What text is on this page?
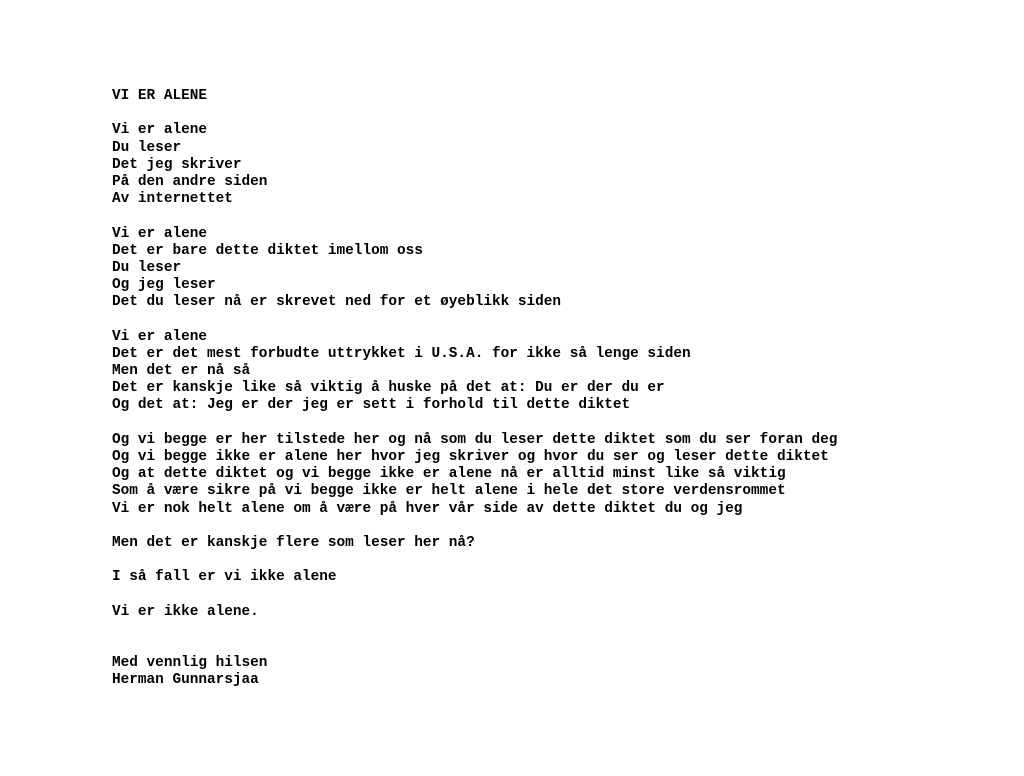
VI ER ALENE
Vi er alene
Du leser
Det jeg skriver
På den andre siden
Av internettet
Vi er alene
Det er bare dette diktet imellom oss
Du leser
Og jeg leser
Det du leser nå er skrevet ned for et øyeblikk siden
Vi er alene
Det er det mest forbudte uttrykket i U.S.A. for ikke så lenge siden
Men det er nå så
Det er kanskje like så viktig å huske på det at: Du er der du er
Og det at: Jeg er der jeg er sett i forhold til dette diktet
Og vi begge er her tilstede her og nå som du leser dette diktet som du ser foran deg
Og vi begge ikke er alene her hvor jeg skriver og hvor du ser og leser dette diktet
Og at dette diktet og vi begge ikke er alene nå er alltid minst like så viktig
Som å være sikre på vi begge ikke er helt alene i hele det store verdensrommet
Vi er nok helt alene om å være på hver vår side av dette diktet du og jeg
Men det er kanskje flere som leser her nå?
I så fall er vi ikke alene
Vi er ikke alene.
Med vennlig hilsen
Herman Gunnarsjaa
